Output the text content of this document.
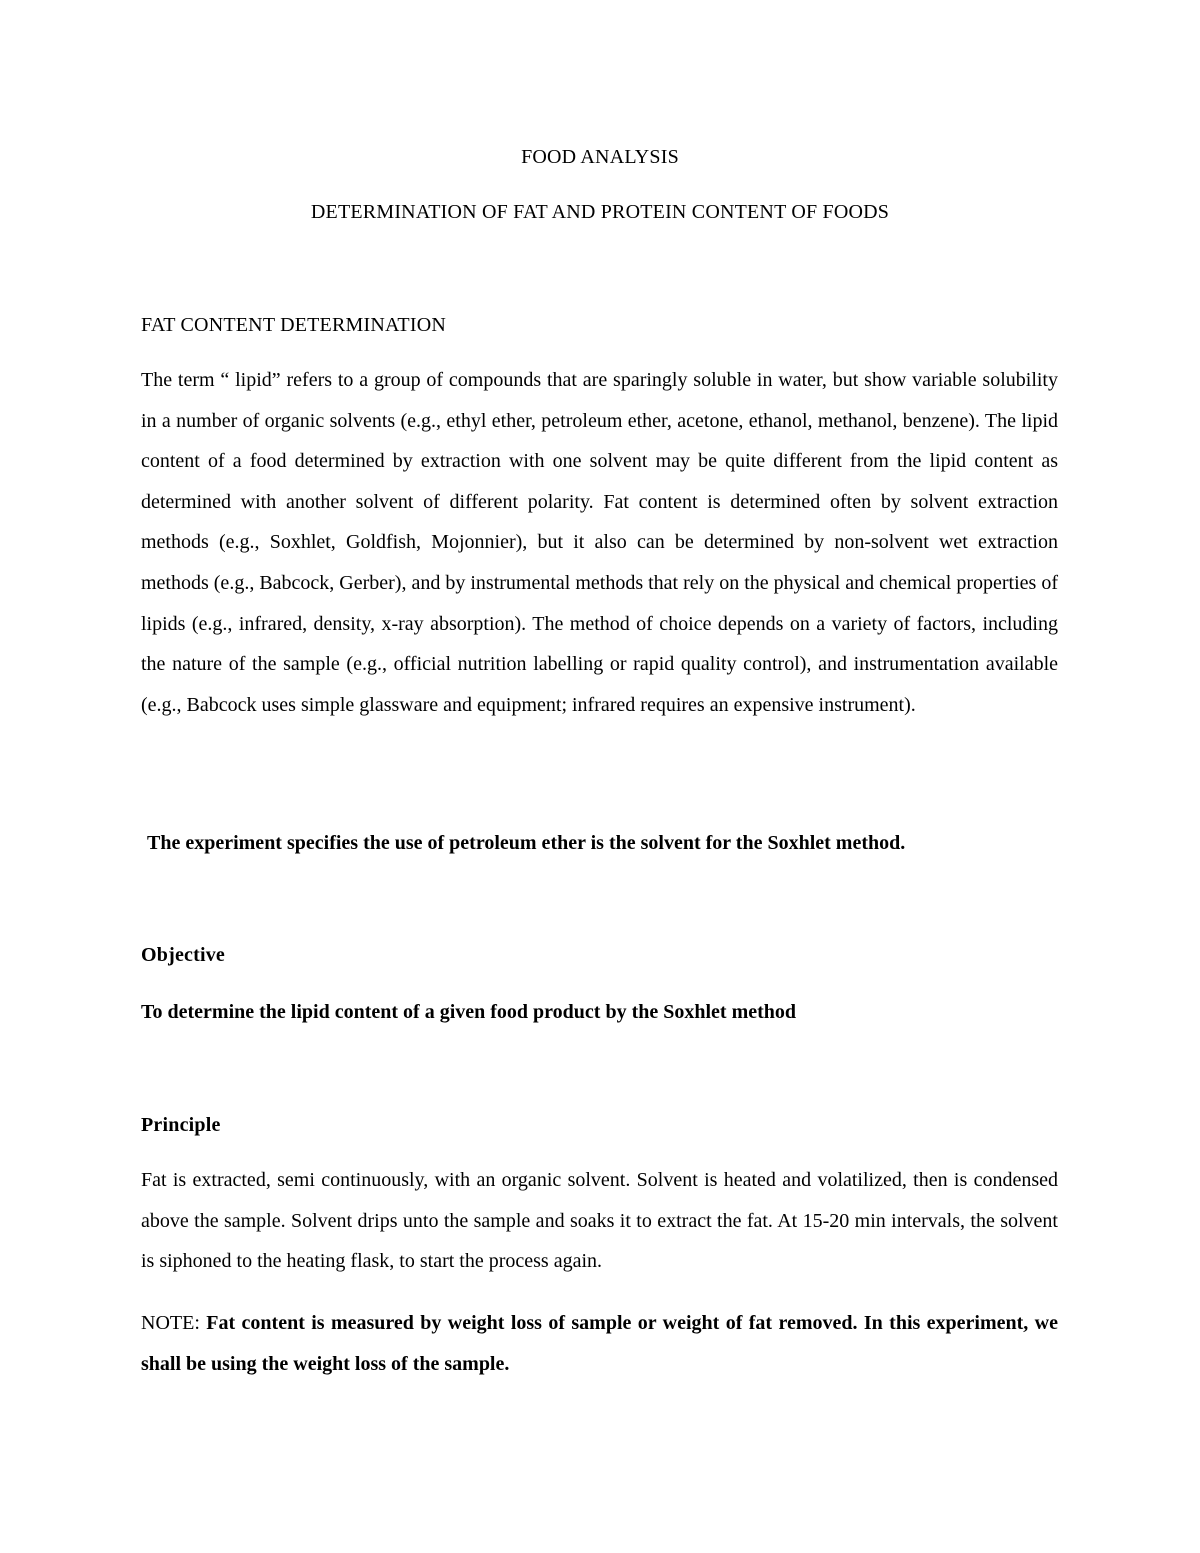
FOOD ANALYSIS
DETERMINATION OF FAT AND PROTEIN CONTENT OF FOODS
FAT CONTENT DETERMINATION

The term “ lipid” refers to a group of compounds that are sparingly soluble in water, but show variable solubility in a number of organic solvents (e.g., ethyl ether, petroleum ether, acetone, ethanol, methanol, benzene). The lipid content of a food determined by extraction with one solvent may be quite different from the lipid content as determined with another solvent of different polarity. Fat content is determined often by solvent extraction methods (e.g., Soxhlet, Goldfish, Mojonnier), but it also can be determined by non-solvent wet extraction methods (e.g., Babcock, Gerber), and by instrumental methods that rely on the physical and chemical properties of lipids (e.g., infrared, density, x-ray absorption). The method of choice depends on a variety of factors, including the nature of the sample (e.g., official nutrition labelling or rapid quality control), and instrumentation available (e.g., Babcock uses simple glassware and equipment; infrared requires an expensive instrument).

The experiment specifies the use of petroleum ether is the solvent for the Soxhlet method.

Objective

To determine the lipid content of a given food product by the Soxhlet method

Principle

Fat is extracted, semi continuously, with an organic solvent. Solvent is heated and volatilized, then is condensed above the sample. Solvent drips unto the sample and soaks it to extract the fat. At 15-20 min intervals, the solvent is siphoned to the heating flask, to start the process again.

NOTE: Fat content is measured by weight loss of sample or weight of fat removed. In this experiment, we shall be using the weight loss of the sample.
